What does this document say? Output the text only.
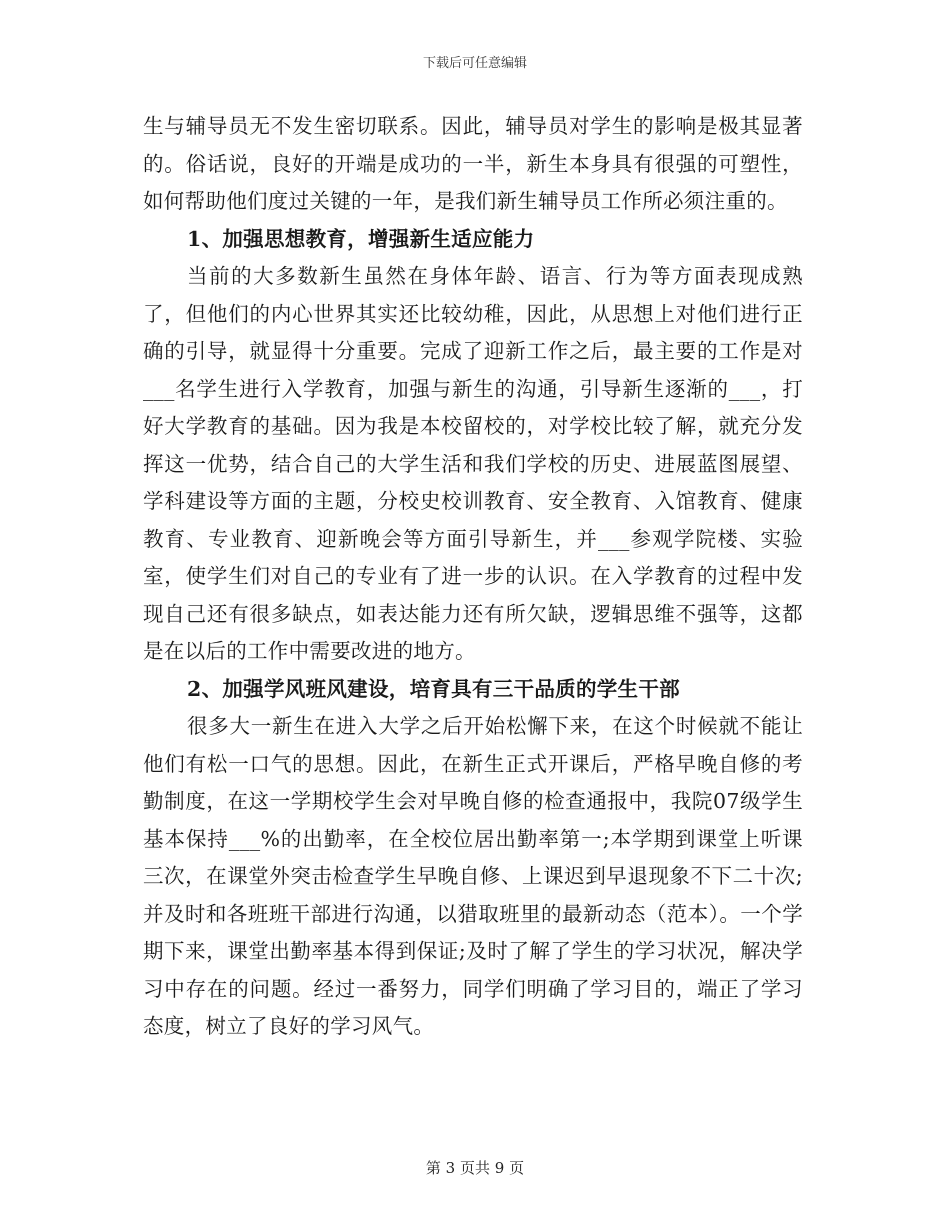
下载后可任意编辑

生与辅导员无不发生密切联系。因此，辅导员对学生的影响是极其显著的。俗话说，良好的开端是成功的一半，新生本身具有很强的可塑性，如何帮助他们度过关键的一年，是我们新生辅导员工作所必须注重的。

1、加强思想教育，增强新生适应能力

当前的大多数新生虽然在身体年龄、语言、行为等方面表现成熟了，但他们的内心世界其实还比较幼稚，因此，从思想上对他们进行正确的引导，就显得十分重要。完成了迎新工作之后，最主要的工作是对___名学生进行入学教育，加强与新生的沟通，引导新生逐渐的___，打好大学教育的基础。因为我是本校留校的，对学校比较了解，就充分发挥这一优势，结合自己的大学生活和我们学校的历史、进展蓝图展望、学科建设等方面的主题，分校史校训教育、安全教育、入馆教育、健康教育、专业教育、迎新晚会等方面引导新生，并___参观学院楼、实验室，使学生们对自己的专业有了进一步的认识。在入学教育的过程中发现自己还有很多缺点，如表达能力还有所欠缺，逻辑思维不强等，这都是在以后的工作中需要改进的地方。

2、加强学风班风建设，培育具有三干品质的学生干部

很多大一新生在进入大学之后开始松懈下来，在这个时候就不能让他们有松一口气的思想。因此，在新生正式开课后，严格早晚自修的考勤制度，在这一学期校学生会对早晚自修的检查通报中，我院07级学生基本保持___%的出勤率，在全校位居出勤率第一;本学期到课堂上听课三次，在课堂外突击检查学生早晚自修、上课迟到早退现象不下二十次;并及时和各班班干部进行沟通，以猎取班里的最新动态（范本）。一个学期下来，课堂出勤率基本得到保证;及时了解了学生的学习状况，解决学习中存在的问题。经过一番努力，同学们明确了学习目的，端正了学习态度，树立了良好的学习风气。

第 3 页共 9 页
